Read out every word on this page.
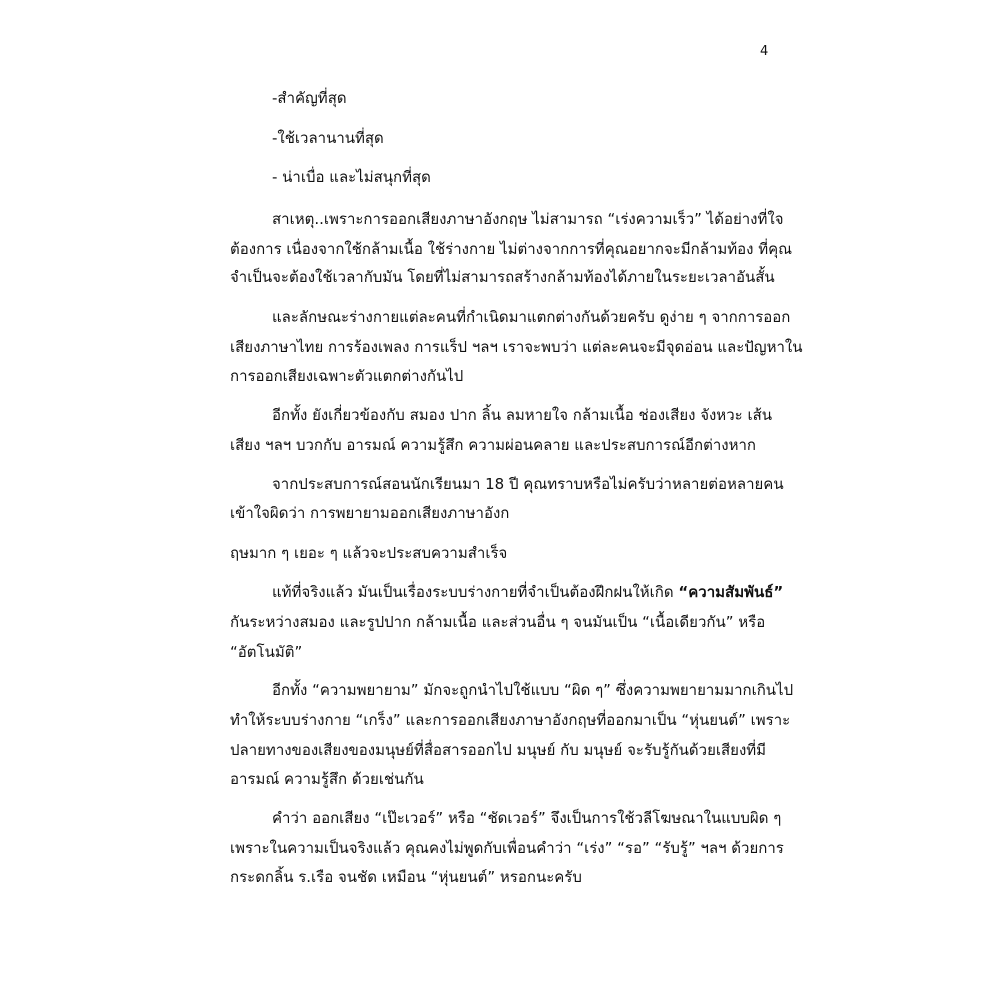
4
-สำคัญที่สุด
-ใช้เวลานานที่สุด
- น่าเบื่อ และไม่สนุกที่สุด
สาเหตุ..เพราะการออกเสียงภาษาอังกฤษ ไม่สามารถ “เร่งความเร็ว” ได้อย่างที่ใจ
ต้องการ เนื่องจากใช้กล้ามเนื้อ ใช้ร่างกาย ไม่ต่างจากการที่คุณอยากจะมีกล้ามท้อง ที่คุณ
จำเป็นจะต้องใช้เวลากับมัน โดยที่ไม่สามารถสร้างกล้ามท้องได้ภายในระยะเวลาอันสั้น
และลักษณะร่างกายแต่ละคนที่กำเนิดมาแตกต่างกันด้วยครับ ดูง่าย ๆ จากการออก
เสียงภาษาไทย การร้องเพลง การแร็ป ฯลฯ เราจะพบว่า แต่ละคนจะมีจุดอ่อน และปัญหาใน
การออกเสียงเฉพาะตัวแตกต่างกันไป
อีกทั้ง ยังเกี่ยวข้องกับ สมอง ปาก ลิ้น ลมหายใจ กล้ามเนื้อ ช่องเสียง จังหวะ เส้น
เสียง ฯลฯ บวกกับ อารมณ์ ความรู้สึก ความผ่อนคลาย และประสบการณ์อีกต่างหาก
จากประสบการณ์สอนนักเรียนมา 18 ปี คุณทราบหรือไม่ครับว่าหลายต่อหลายคน
เข้าใจผิดว่า การพยายามออกเสียงภาษาอังก
ฤษมาก ๆ เยอะ ๆ แล้วจะประสบความสำเร็จ
แท้ที่จริงแล้ว มันเป็นเรื่องระบบร่างกายที่จำเป็นต้องฝึกฝนให้เกิด “ความสัมพันธ์”
กันระหว่างสมอง และรูปปาก กล้ามเนื้อ และส่วนอื่น ๆ จนมันเป็น “เนื้อเดียวกัน” หรือ
“อัตโนมัติ”
อีกทั้ง “ความพยายาม” มักจะถูกนำไปใช้แบบ “ผิด ๆ” ซึ่งความพยายามมากเกินไป
ทำให้ระบบร่างกาย “เกร็ง” และการออกเสียงภาษาอังกฤษที่ออกมาเป็น “หุ่นยนต์” เพราะ
ปลายทางของเสียงของมนุษย์ที่สื่อสารออกไป มนุษย์ กับ มนุษย์ จะรับรู้กันด้วยเสียงที่มี
อารมณ์ ความรู้สึก ด้วยเช่นกัน
คำว่า ออกเสียง “เป๊ะเวอร์” หรือ “ชัดเวอร์” จึงเป็นการใช้วลีโฆษณาในแบบผิด ๆ
เพราะในความเป็นจริงแล้ว คุณคงไม่พูดกับเพื่อนคำว่า “เร่ง” “รอ” “รับรู้” ฯลฯ ด้วยการ
กระดกลิ้น ร.เรือ จนชัด เหมือน “หุ่นยนต์” หรอกนะครับ
